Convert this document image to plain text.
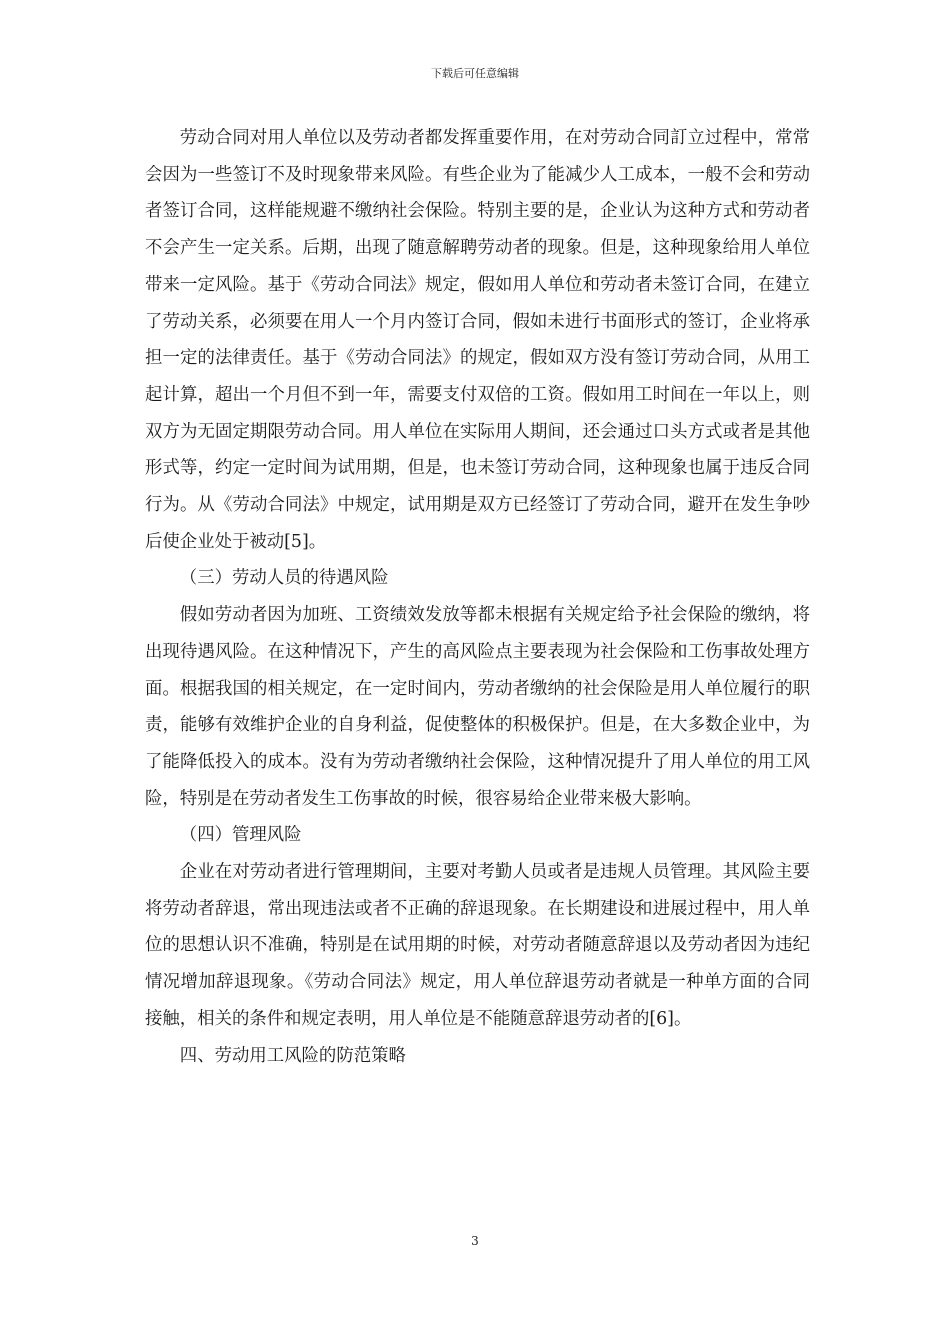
下载后可任意编辑

劳动合同对用人单位以及劳动者都发挥重要作用，在对劳动合同訂立过程中，常常会因为一些签订不及时现象带来风险。有些企业为了能减少人工成本，一般不会和劳动者签订合同，这样能规避不缴纳社会保险。特别主要的是，企业认为这种方式和劳动者不会产生一定关系。后期，出现了随意解聘劳动者的现象。但是，这种现象给用人单位带来一定风险。基于《劳动合同法》规定，假如用人单位和劳动者未签订合同，在建立了劳动关系，必须要在用人一个月内签订合同，假如未进行书面形式的签订，企业将承担一定的法律责任。基于《劳动合同法》的规定，假如双方没有签订劳动合同，从用工起计算，超出一个月但不到一年，需要支付双倍的工资。假如用工时间在一年以上，则双方为无固定期限劳动合同。用人单位在实际用人期间，还会通过口头方式或者是其他形式等，约定一定时间为试用期，但是，也未签订劳动合同，这种现象也属于违反合同行为。从《劳动合同法》中规定，试用期是双方已经签订了劳动合同，避开在发生争吵后使企业处于被动[5]。

（三）劳动人员的待遇风险

假如劳动者因为加班、工资绩效发放等都未根据有关规定给予社会保险的缴纳，将出现待遇风险。在这种情况下，产生的高风险点主要表现为社会保险和工伤事故处理方面。根据我国的相关规定，在一定时间内，劳动者缴纳的社会保险是用人单位履行的职责，能够有效维护企业的自身利益，促使整体的积极保护。但是，在大多数企业中，为了能降低投入的成本。没有为劳动者缴纳社会保险，这种情况提升了用人单位的用工风险，特别是在劳动者发生工伤事故的时候，很容易给企业带来极大影响。

（四）管理风险

企业在对劳动者进行管理期间，主要对考勤人员或者是违规人员管理。其风险主要将劳动者辞退，常出现违法或者不正确的辞退现象。在长期建设和进展过程中，用人单位的思想认识不准确，特别是在试用期的时候，对劳动者随意辞退以及劳动者因为违纪情况增加辞退现象。《劳动合同法》规定，用人单位辞退劳动者就是一种单方面的合同接触，相关的条件和规定表明，用人单位是不能随意辞退劳动者的[6]。

四、劳动用工风险的防范策略

3
